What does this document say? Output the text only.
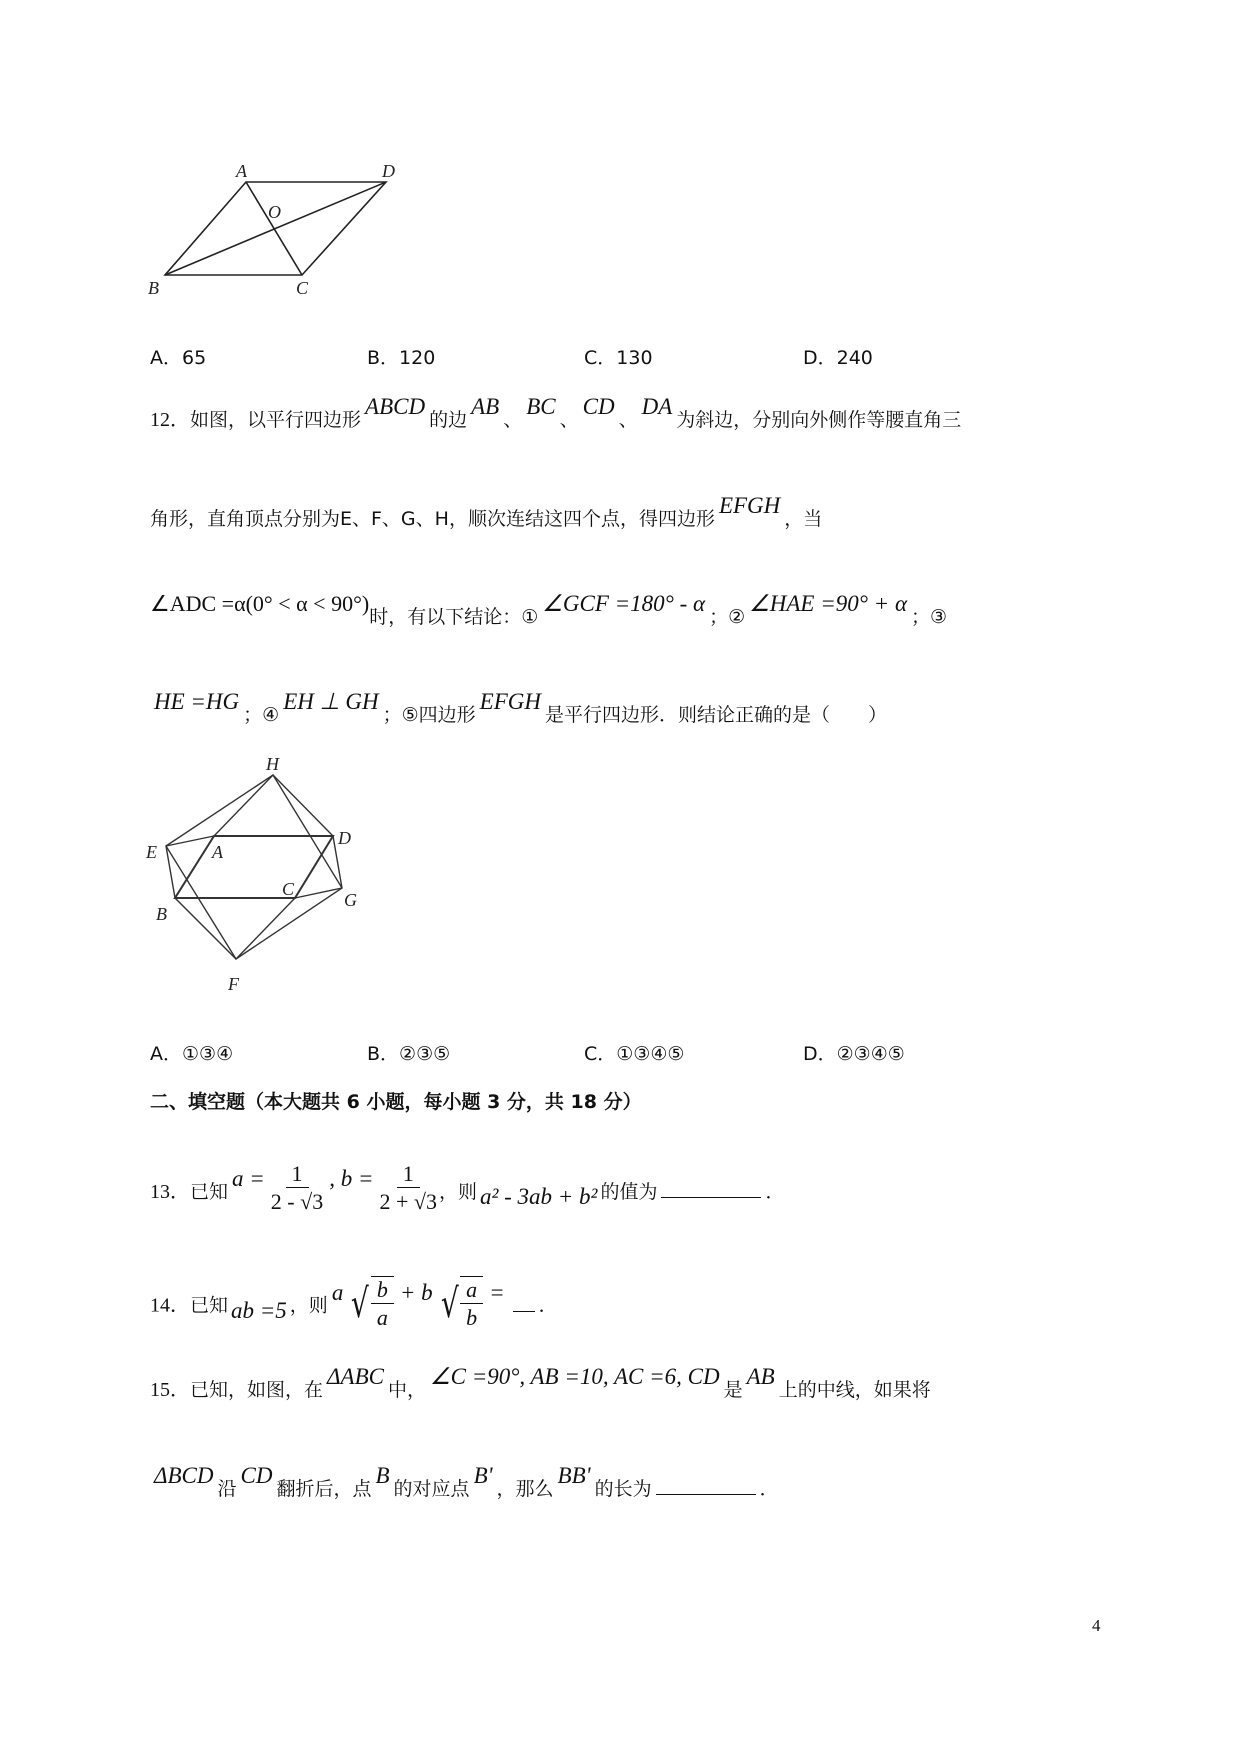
A	D
O
B	C
H
E	A
D
B
C
G
F
A．65	B．120	C．130	D．240
12．如图，以平行四边形ABCD的边AB、BC、CD、DA为斜边，分别向外侧作等腰直角三
角形，直角顶点分别为E、F、G、H，顺次连结这四个点，得四边形EFGH，当
∠ADC =α(0° < α < 90°)时，有以下结论：①∠GCF =180° - α；②∠HAE =90° + α；③
HE =HG；④EH ⊥ GH；⑤四边形EFGH是平行四边形．则结论正确的是（　　）
A．①③④	B．②③⑤	C．①③④⑤	D．②③④⑤
二、填空题（本大题共 6 小题，每小题 3 分，共 18 分）
13．已知$a = \frac{1}{2 - √3}$ , $b = \frac{1}{2 + √3}$ ，则 a² - 3ab + b² 的值为	．
14．已知 ab =5 ，则a √ $\frac{b}{a} + b$ √ $\frac{a}{b}$ =．
15．已知，如图，在ΔABC中，∠C =90°, AB =10, AC =6, CD是AB上的中线，如果将
ΔBCD沿CD翻折后，点B的对应点B'，那么BB'的长为	．
4
